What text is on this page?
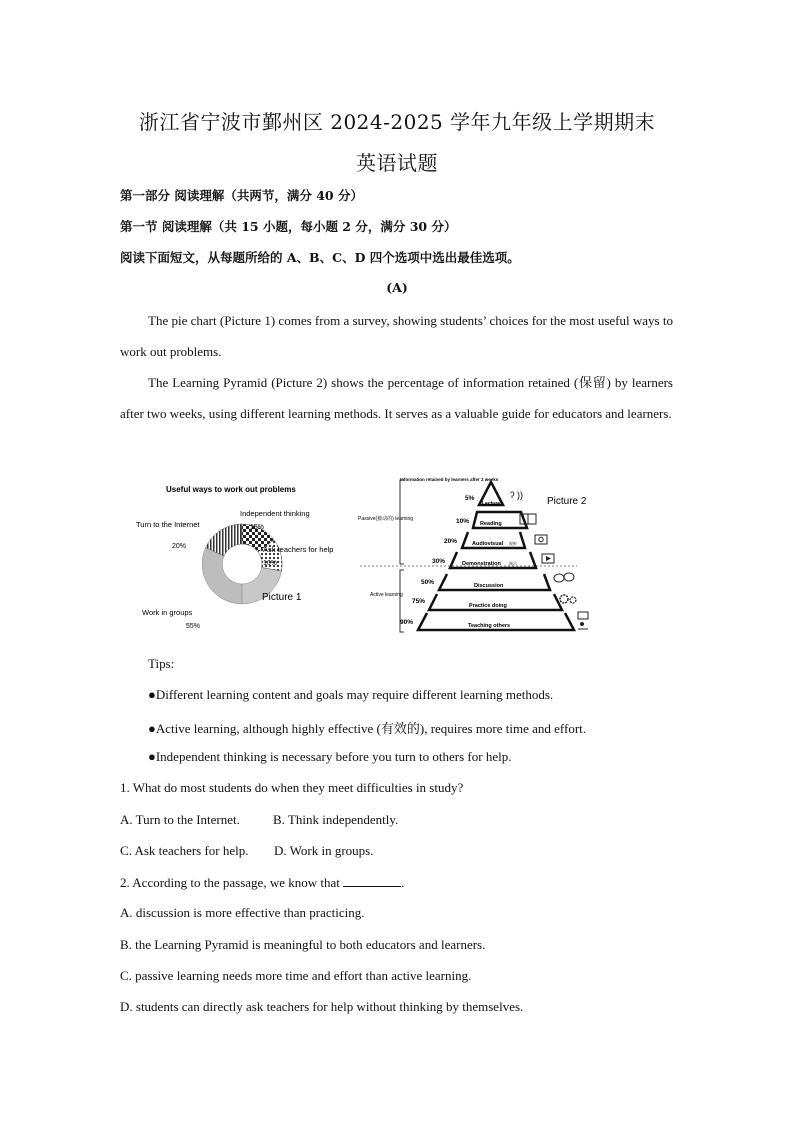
浙江省宁波市鄞州区 2024-2025 学年九年级上学期期末
英语试题
第一部分 阅读理解（共两节，满分 40 分）
第一节 阅读理解（共 15 小题，每小题 2 分，满分 30 分）
阅读下面短文，从每题所给的 A、B、C、D 四个选项中选出最佳选项。
(A)
The pie chart (Picture 1) comes from a survey, showing students’ choices for the most useful ways to work out problems.
The Learning Pyramid (Picture 2) shows the percentage of information retained (保留) by learners after two weeks, using different learning methods. It serves as a valuable guide for educators and learners.
Useful ways to work out problems
Independent thinking
15%
Ask teachers for help
10%
Turn to the Internet
20%
Work in groups
55%
Picture 1
Information retained by learners after 2 weeks
Passive(被动的) learning
Active learning
5%
Lecture
10% Reading
20%	Audiovisual 视听
30%	Demonstration 演示
50%	Discussion
75%
Practice doing
90%	Teaching others
ʔ ))
Picture 2
Tips:
●Different learning content and goals may require different learning methods.
●Active learning, although highly effective (有效的), requires more time and effort.
●Independent thinking is necessary before you turn to others for help.
1. What do most students do when they meet difficulties in study?
A. Turn to the Internet.	B. Think independently.
C. Ask teachers for help. D. Work in groups.
2. According to the passage, we know that	.
A. discussion is more effective than practicing.
B. the Learning Pyramid is meaningful to both educators and learners.
C. passive learning needs more time and effort than active learning.
D. students can directly ask teachers for help without thinking by themselves.
